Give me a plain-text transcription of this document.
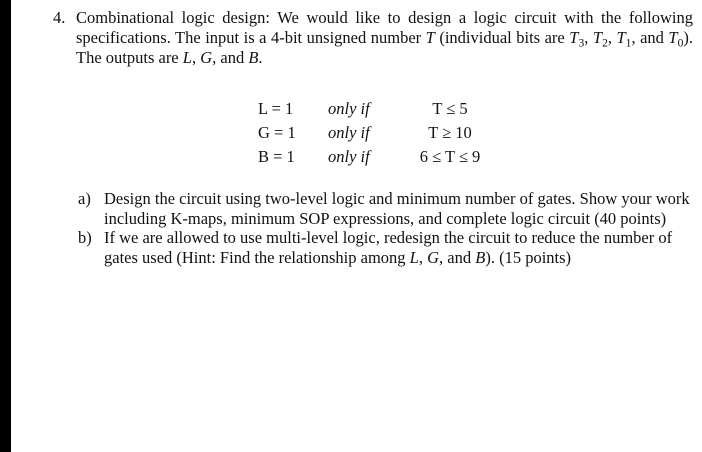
4. Combinational logic design: We would like to design a logic circuit with the following specifications. The input is a 4-bit unsigned number T (individual bits are $T_3$, $T_2$, $T_1$, and $T_0$). The outputs are L, G, and B.
L = 1	only if	T ≤ 5
G = 1	only if	T ≥ 10
B = 1	only if	6 ≤ T ≤ 9
a) Design the circuit using two-level logic and minimum number of gates. Show your work including K-maps, minimum SOP expressions, and complete logic circuit (40 points)
b) If we are allowed to use multi-level logic, redesign the circuit to reduce the number of gates used (Hint: Find the relationship among L, G, and B). (15 points)
